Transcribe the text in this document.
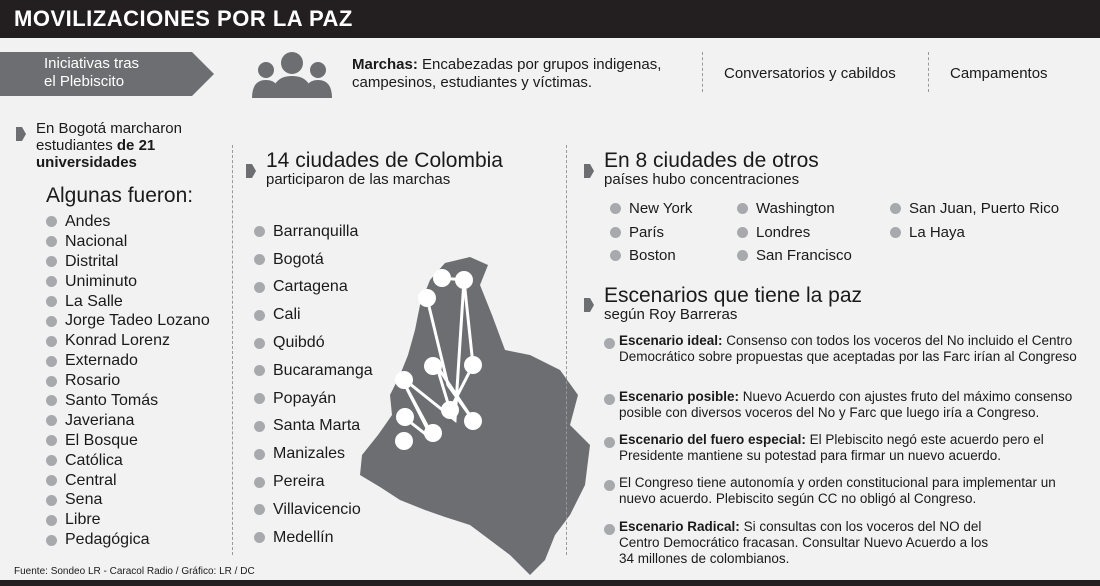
MOVILIZACIONES POR LA PAZ
Iniciativas tras
el Plebiscito
Marchas: Encabezadas por grupos indigenas, campesinos, estudiantes y víctimas.
Conversatorios y cabildos	Campamentos
En Bogotá marcharon
estudiantes de 21
universidades
Algunas fueron:
Andes
Nacional
Distrital
Uniminuto
La Salle
Jorge Tadeo Lozano
Konrad Lorenz
Externado
Rosario
Santo Tomás
Javeriana
El Bosque
Católica
Central
Sena
Libre
Pedagógica
14 ciudades de Colombia
participaron de las marchas
Barranquilla
Bogotá
Cartagena
Cali
Quibdó
Bucaramanga
Popayán
Santa Marta
Manizales
Pereira
Villavicencio
Medellín
En 8 ciudades de otros
países hubo concentraciones
New York
París
Boston
Washington
Londres
San Francisco
San Juan, Puerto Rico
La Haya
Escenarios que tiene la paz
según Roy Barreras
Escenario ideal: Consenso con todos los voceros del No incluido el Centro Democrático sobre propuestas que aceptadas por las Farc irían al Congreso
Escenario posible: Nuevo Acuerdo con ajustes fruto del máximo consenso posible con diversos voceros del No y Farc que luego iría a Congreso.
Escenario del fuero especial: El Plebiscito negó este acuerdo pero el Presidente mantiene su potestad para firmar un nuevo acuerdo.
El Congreso tiene autonomía y orden constitucional para implementar un nuevo acuerdo. Plebiscito según CC no obligó al Congreso.
Escenario Radical: Si consultas con los voceros del NO del Centro Democrático fracasan. Consultar Nuevo Acuerdo a los 34 millones de colombianos.
Fuente: Sondeo LR - Caracol Radio / Gráfico: LR / DC
